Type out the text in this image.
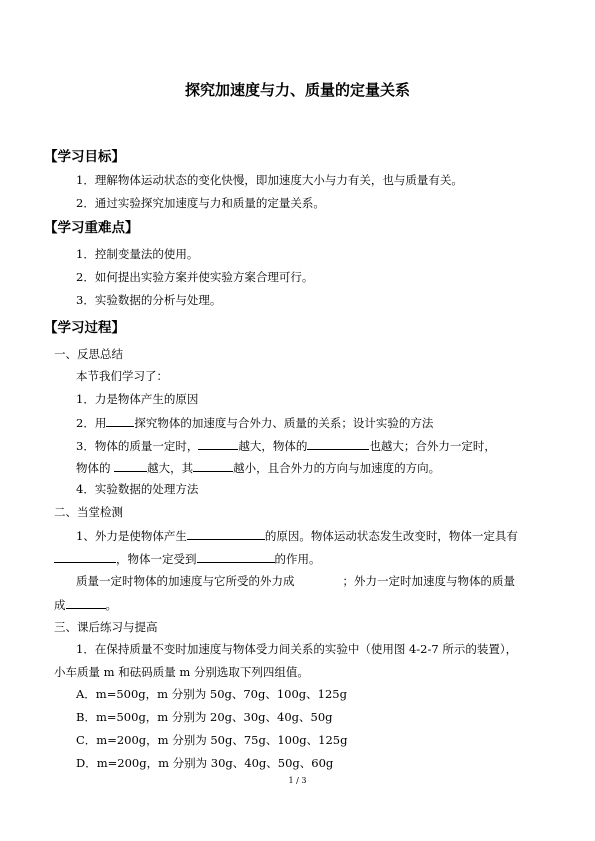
探究加速度与力、质量的定量关系
【学习目标】
1．理解物体运动状态的变化快慢，即加速度大小与力有关，也与质量有关。
2．通过实验探究加速度与力和质量的定量关系。
【学习重难点】
1．控制变量法的使用。
2．如何提出实验方案并使实验方案合理可行。
3．实验数据的分析与处理。
【学习过程】
一、反思总结
本节我们学习了：
1．力是物体产生的原因
2．用 探究物体的加速度与合外力、质量的关系；设计实验的方法
3．物体的质量一定时，	越大，物体的	也越大；合外力一定时，
物体的	越大，其	越小，且合外力的方向与加速度的方向。
4．实验数据的处理方法
二、当堂检测
1、外力是使物体产生	的原因。物体运动状态发生改变时，物体一定具有
，物体一定受到	的作用。
质量一定时物体的加速度与它所受的外力成	；外力一定时加速度与物体的质量
成	。
三、课后练习与提高
1．在保持质量不变时加速度与物体受力间关系的实验中（使用图 4-2-7 所示的装置），
小车质量 m 和砝码质量 m 分别选取下列四组值。
A．m=500g，m 分别为 50g、70g、100g、125g
B．m=500g，m 分别为 20g、30g、40g、50g
C．m=200g，m 分别为 50g、75g、100g、125g
D．m=200g，m 分别为 30g、40g、50g、60g
1 / 3
